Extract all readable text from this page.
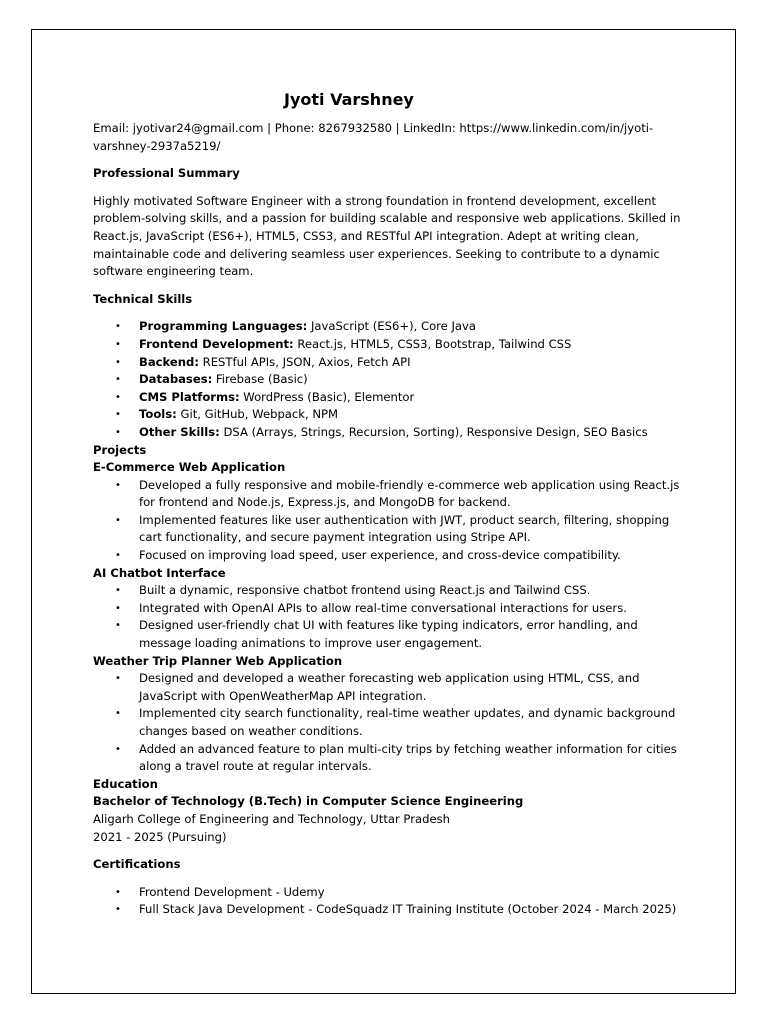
Jyoti Varshney

Email: jyotivar24@gmail.com | Phone: 8267932580 | LinkedIn: https://www.linkedin.com/in/jyoti-varshney-2937a5219/

Professional Summary

Highly motivated Software Engineer with a strong foundation in frontend development, excellent problem-solving skills, and a passion for building scalable and responsive web applications. Skilled in React.js, JavaScript (ES6+), HTML5, CSS3, and RESTful API integration. Adept at writing clean, maintainable code and delivering seamless user experiences. Seeking to contribute to a dynamic software engineering team.

Technical Skills

• Programming Languages: JavaScript (ES6+), Core Java
• Frontend Development: React.js, HTML5, CSS3, Bootstrap, Tailwind CSS
• Backend: RESTful APIs, JSON, Axios, Fetch API
• Databases: Firebase (Basic)
• CMS Platforms: WordPress (Basic), Elementor
• Tools: Git, GitHub, Webpack, NPM
• Other Skills: DSA (Arrays, Strings, Recursion, Sorting), Responsive Design, SEO Basics

Projects

E-Commerce Web Application

• Developed a fully responsive and mobile-friendly e-commerce web application using React.js for frontend and Node.js, Express.js, and MongoDB for backend.
• Implemented features like user authentication with JWT, product search, filtering, shopping cart functionality, and secure payment integration using Stripe API.
• Focused on improving load speed, user experience, and cross-device compatibility.

AI Chatbot Interface

• Built a dynamic, responsive chatbot frontend using React.js and Tailwind CSS.
• Integrated with OpenAI APIs to allow real-time conversational interactions for users.
• Designed user-friendly chat UI with features like typing indicators, error handling, and message loading animations to improve user engagement.

Weather Trip Planner Web Application

• Designed and developed a weather forecasting web application using HTML, CSS, and JavaScript with OpenWeatherMap API integration.
• Implemented city search functionality, real-time weather updates, and dynamic background changes based on weather conditions.
• Added an advanced feature to plan multi-city trips by fetching weather information for cities along a travel route at regular intervals.

Education

Bachelor of Technology (B.Tech) in Computer Science Engineering

Aligarh College of Engineering and Technology, Uttar Pradesh

2021 - 2025 (Pursuing)

Certifications

• Frontend Development - Udemy
• Full Stack Java Development - CodeSquadz IT Training Institute (October 2024 - March 2025)
